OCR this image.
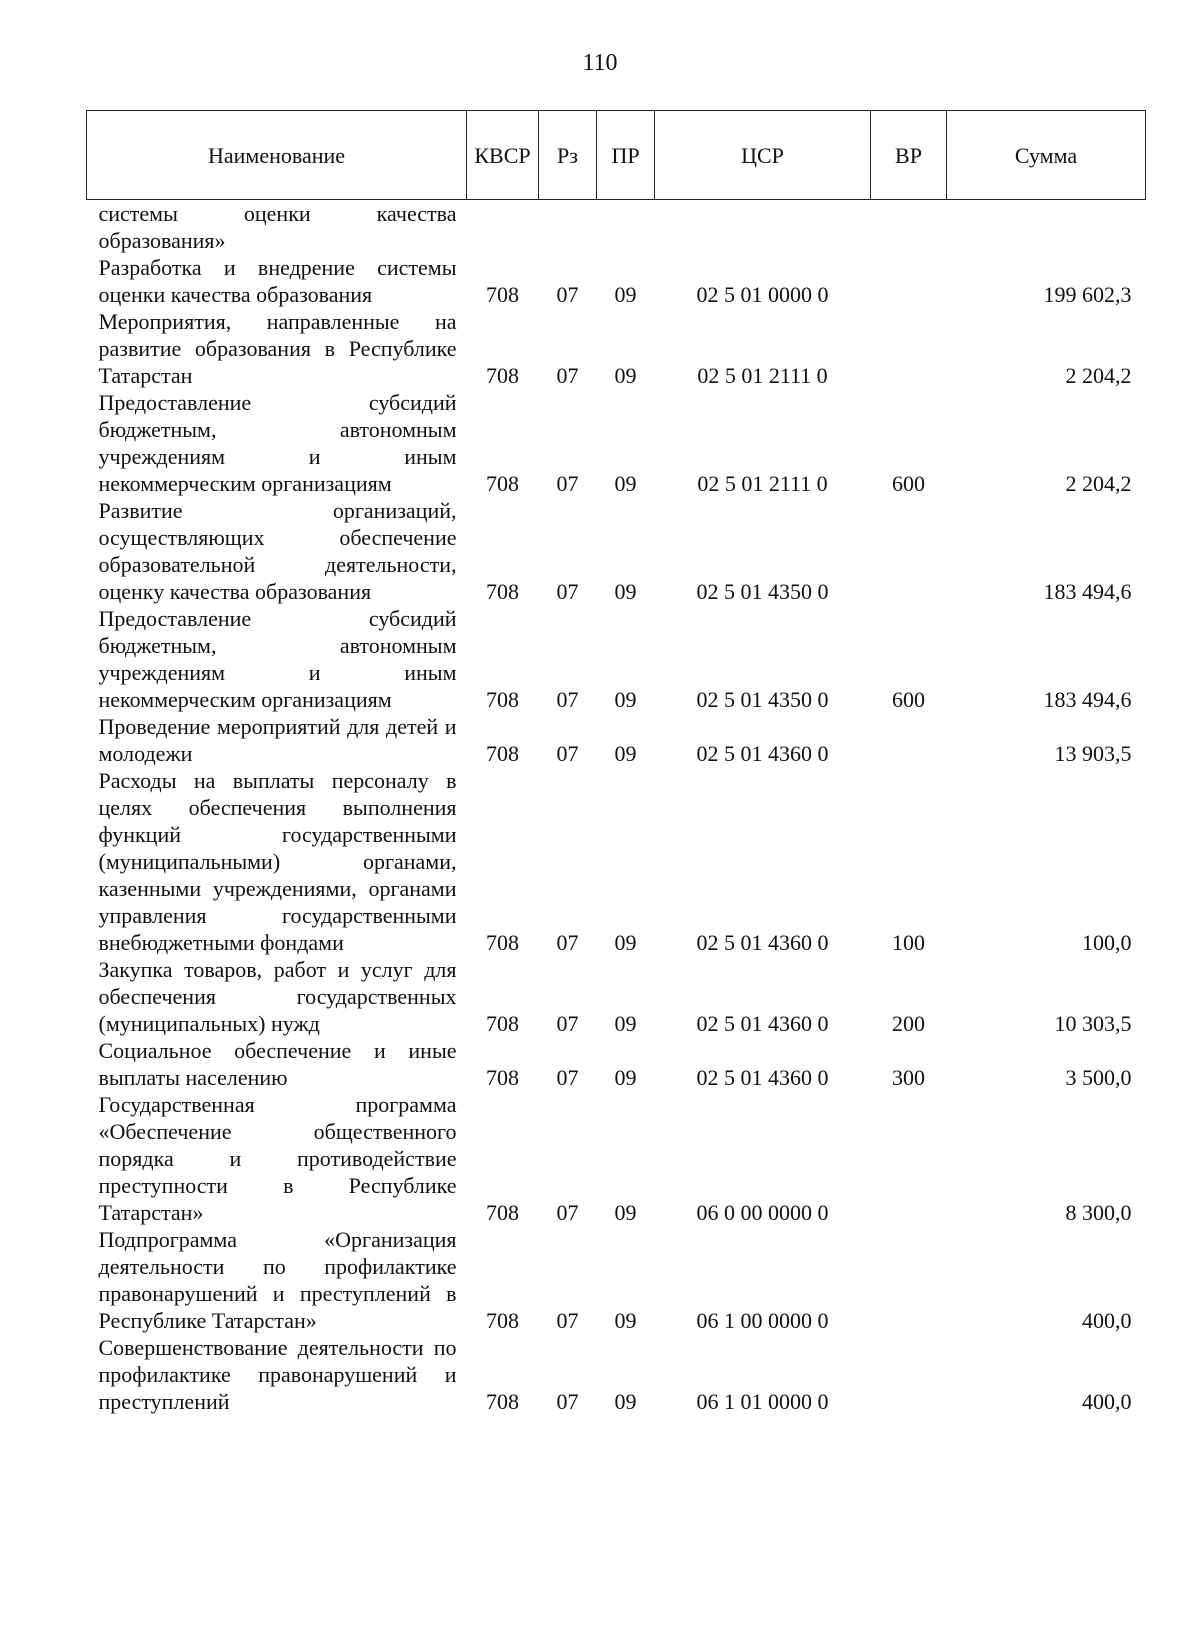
110
Наименование	КВСР	Рз	ПР	ЦСР	ВР	Сумма
системы оценки качества образования»						
Разработка и внедрение системы оценки качества образования	708	07	09	02 5 01 0000 0		199 602,3
Мероприятия, направленные на развитие образования в Республике Татарстан	708	07	09	02 5 01 2111 0		2 204,2
Предоставление субсидий бюджетным, автономным учреждениям и иным некоммерческим организациям	708	07	09	02 5 01 2111 0	600	2 204,2
Развитие организаций, осуществляющих обеспечение образовательной деятельности, оценку качества образования	708	07	09	02 5 01 4350 0		183 494,6
Предоставление субсидий бюджетным, автономным учреждениям и иным некоммерческим организациям	708	07	09	02 5 01 4350 0	600	183 494,6
Проведение мероприятий для детей и молодежи	708	07	09	02 5 01 4360 0		13 903,5
Расходы на выплаты персоналу в целях обеспечения выполнения функций государственными (муниципальными) органами, казенными учреждениями, органами управления государственными внебюджетными фондами	708	07	09	02 5 01 4360 0	100	100,0
Закупка товаров, работ и услуг для обеспечения государственных (муниципальных) нужд	708	07	09	02 5 01 4360 0	200	10 303,5
Социальное обеспечение и иные выплаты населению	708	07	09	02 5 01 4360 0	300	3 500,0
Государственная программа «Обеспечение общественного порядка и противодействие преступности в Республике Татарстан»	708	07	09	06 0 00 0000 0		8 300,0
Подпрограмма «Организация деятельности по профилактике правонарушений и преступлений в Республике Татарстан»	708	07	09	06 1 00 0000 0		400,0
Совершенствование деятельности по профилактике правонарушений и преступлений	708	07	09	06 1 01 0000 0		400,0
